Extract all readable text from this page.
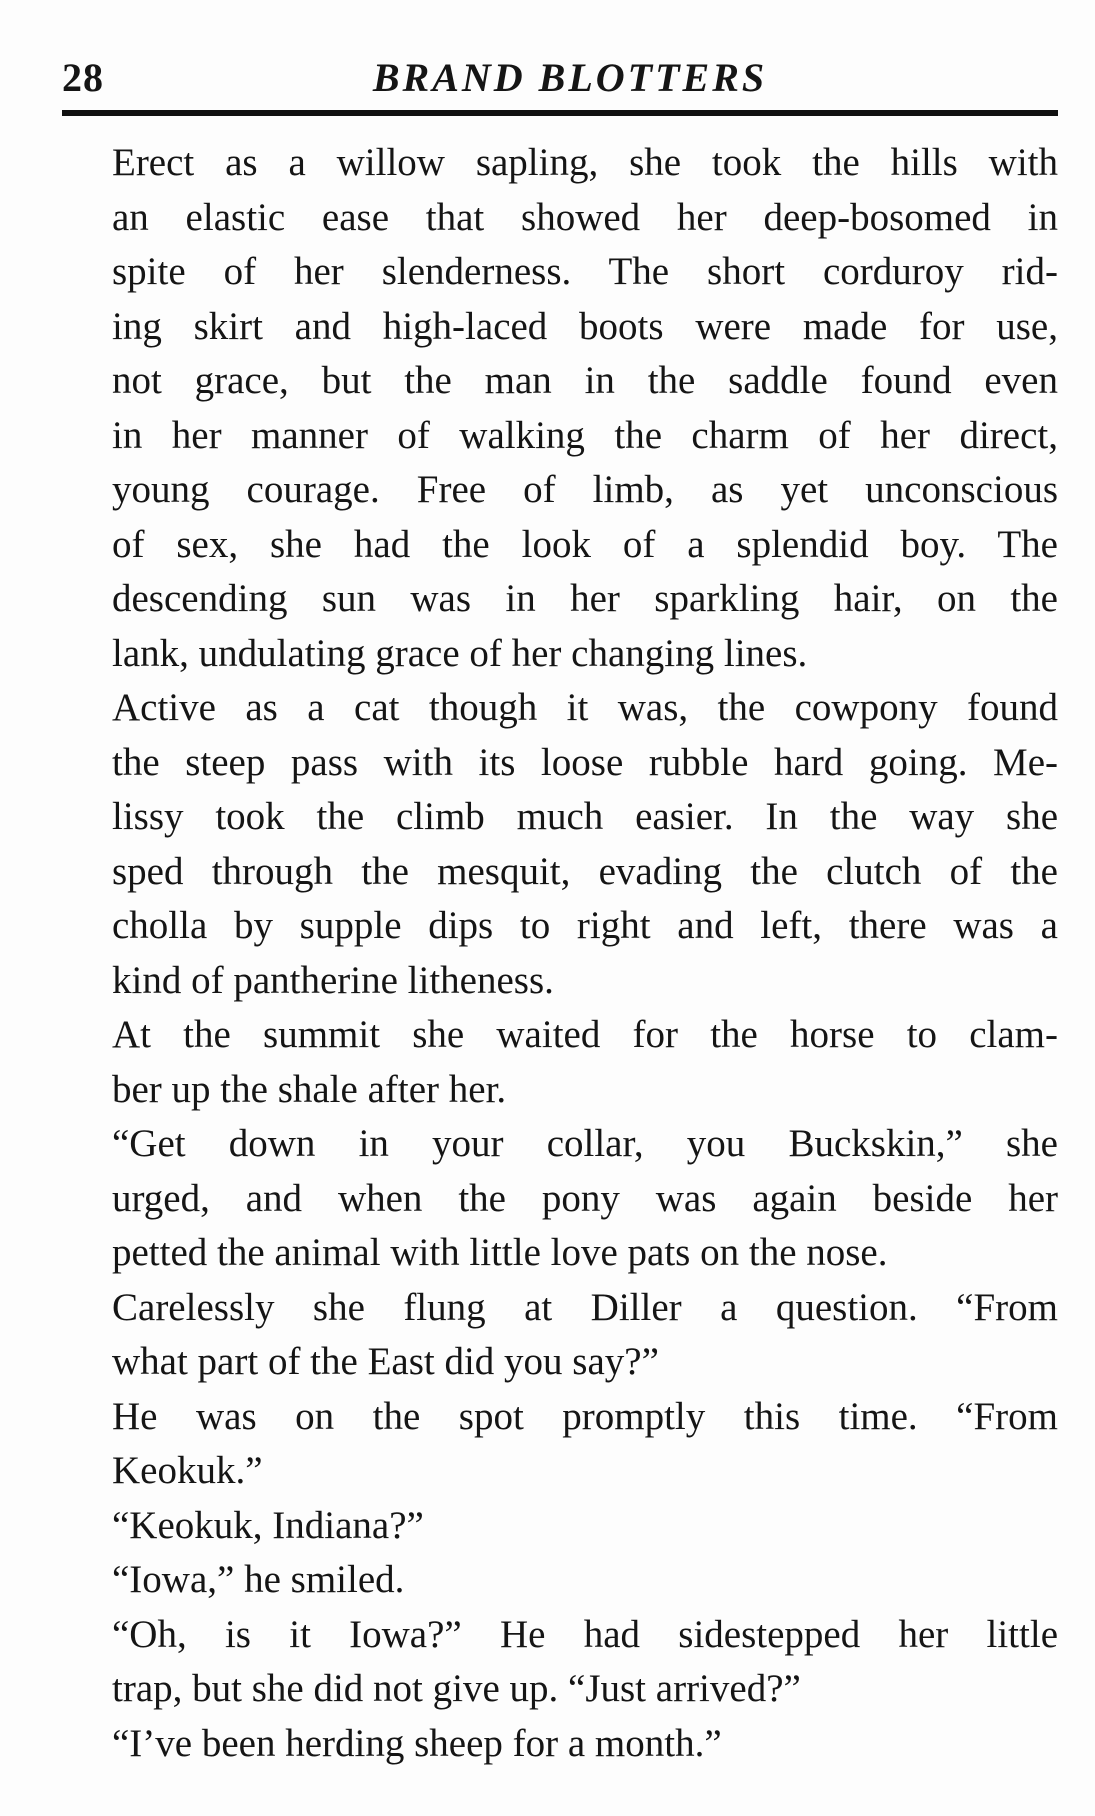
28	BRAND BLOTTERS

Erect as a willow sapling, she took the hills with
an elastic ease that showed her deep-bosomed in
spite of her slenderness. The short corduroy rid-
ing skirt and high-laced boots were made for use,
not grace, but the man in the saddle found even
in her manner of walking the charm of her direct,
young courage. Free of limb, as yet unconscious
of sex, she had the look of a splendid boy. The
descending sun was in her sparkling hair, on the
lank, undulating grace of her changing lines.

Active as a cat though it was, the cowpony found
the steep pass with its loose rubble hard going. Me-
lissy took the climb much easier. In the way she
sped through the mesquit, evading the clutch of the
cholla by supple dips to right and left, there was a
kind of pantherine litheness.

At the summit she waited for the horse to clam-
ber up the shale after her.

“Get down in your collar, you Buckskin,” she
urged, and when the pony was again beside her
petted the animal with little love pats on the nose.

Carelessly she flung at Diller a question. “From
what part of the East did you say?”

He was on the spot promptly this time. “From
Keokuk.”

“Keokuk, Indiana?”

“Iowa,” he smiled.

“Oh, is it Iowa?” He had sidestepped her little
trap, but she did not give up. “Just arrived?”

“I’ve been herding sheep for a month.”
